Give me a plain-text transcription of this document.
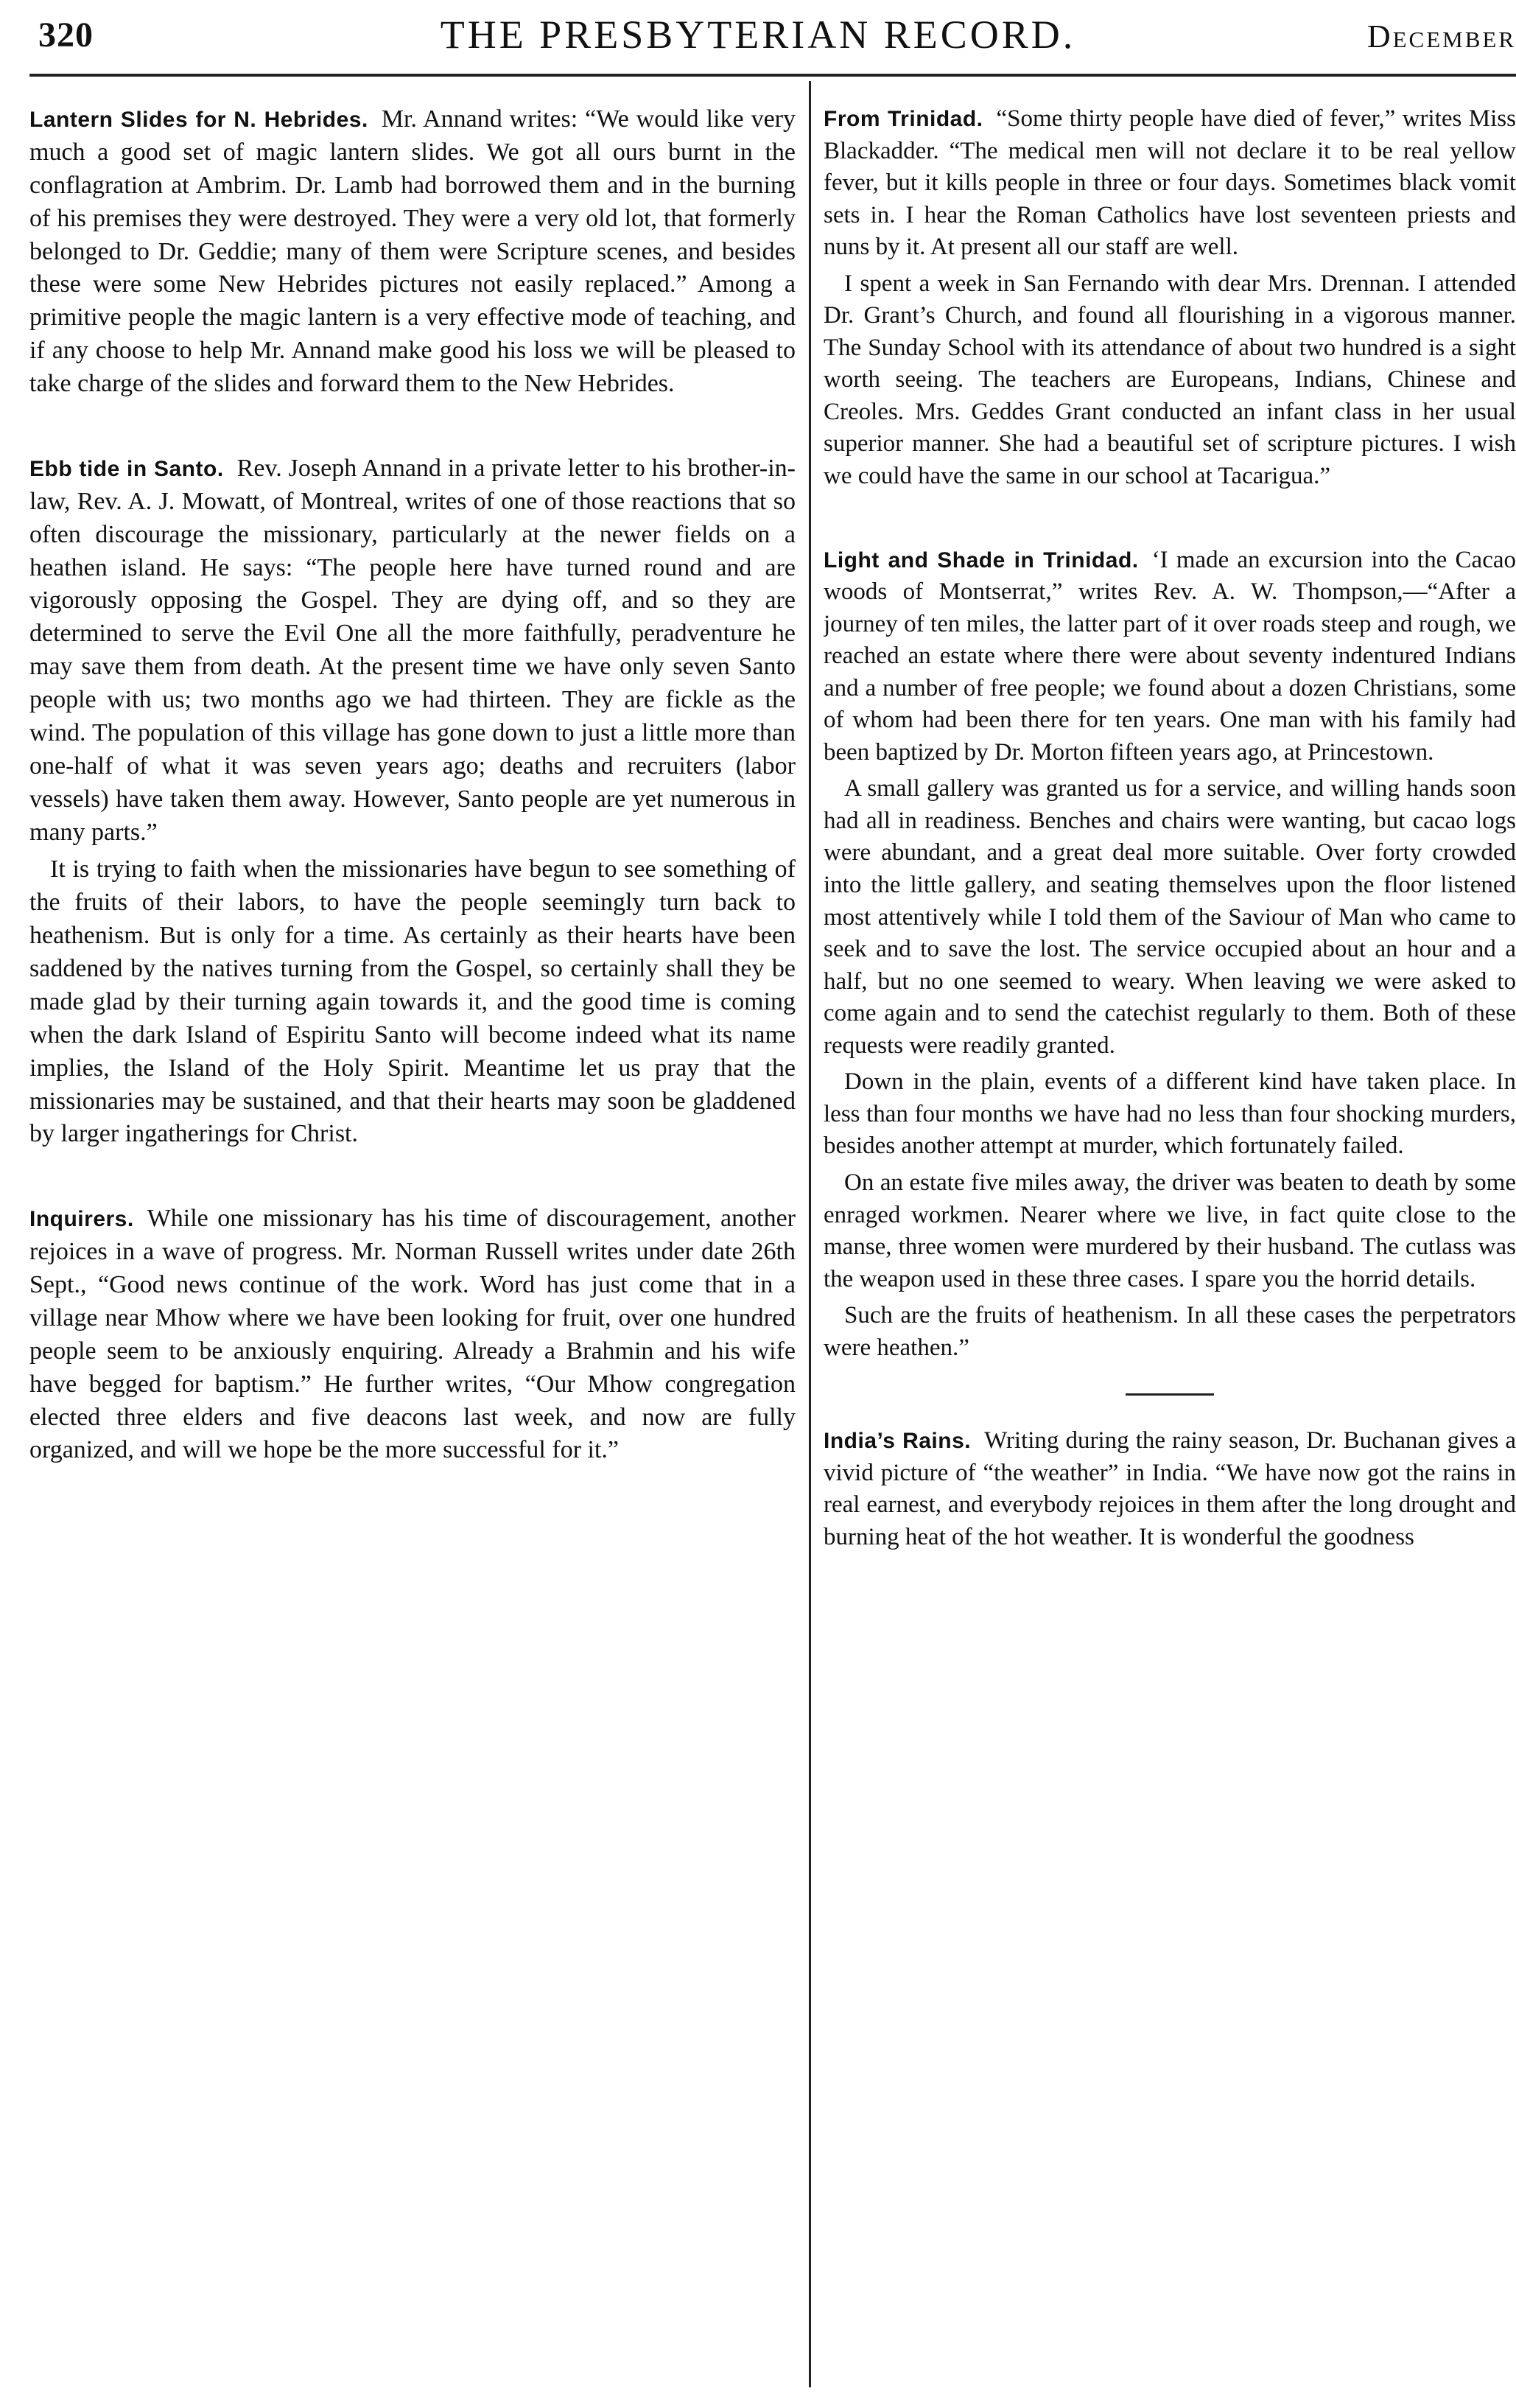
320	THE PRESBYTERIAN RECORD.	December

Lantern Slides for N. Hebrides. Mr. Annand writes: “We would like very much a good set of magic lantern slides. We got all ours burnt in the conflagration at Ambrim. Dr. Lamb had borrowed them and in the burning of his premises they were destroyed. They were a very old lot, that formerly belonged to Dr. Geddie; many of them were Scripture scenes, and besides these were some New Hebrides pictures not easily replaced.” Among a primitive people the magic lantern is a very effective mode of teaching, and if any choose to help Mr. Annand make good his loss we will be pleased to take charge of the slides and forward them to the New Hebrides.

Ebb tide in Santo. Rev. Joseph Annand in a private letter to his brother-in-law, Rev. A. J. Mowatt, of Montreal, writes of one of those reactions that so often discourage the missionary, particularly at the newer fields on a heathen island. He says: “The people here have turned round and are vigorously opposing the Gospel. They are dying off, and so they are determined to serve the Evil One all the more faithfully, peradventure he may save them from death. At the present time we have only seven Santo people with us; two months ago we had thirteen. They are fickle as the wind. The population of this village has gone down to just a little more than one-half of what it was seven years ago; deaths and recruiters (labor vessels) have taken them away. However, Santo people are yet numerous in many parts.”

It is trying to faith when the missionaries have begun to see something of the fruits of their labors, to have the people seemingly turn back to heathenism. But is only for a time. As certainly as their hearts have been saddened by the natives turning from the Gospel, so certainly shall they be made glad by their turning again towards it, and the good time is coming when the dark Island of Espiritu Santo will become indeed what its name implies, the Island of the Holy Spirit. Meantime let us pray that the missionaries may be sustained, and that their hearts may soon be gladdened by larger ingatherings for Christ.

Inquirers. While one missionary has his time of discouragement, another rejoices in a wave of progress. Mr. Norman Russell writes under date 26th Sept., “Good news continue of the work. Word has just come that in a village near Mhow where we have been looking for fruit, over one hundred people seem to be anxiously enquiring. Already a Brahmin and his wife have begged for baptism.” He further writes, “Our Mhow congregation elected three elders and five deacons last week, and now are fully organized, and will we hope be the more successful for it.”

From Trinidad. “Some thirty people have died of fever,” writes Miss Blackadder. “The medical men will not declare it to be real yellow fever, but it kills people in three or four days. Sometimes black vomit sets in. I hear the Roman Catholics have lost seventeen priests and nuns by it. At present all our staff are well.

I spent a week in San Fernando with dear Mrs. Drennan. I attended Dr. Grant’s Church, and found all flourishing in a vigorous manner. The Sunday School with its attendance of about two hundred is a sight worth seeing. The teachers are Europeans, Indians, Chinese and Creoles. Mrs. Geddes Grant conducted an infant class in her usual superior manner. She had a beautiful set of scripture pictures. I wish we could have the same in our school at Tacarigua.”

Light and Shade in Trinidad. ‘I made an excursion into the Cacao woods of Montserrat,” writes Rev. A. W. Thompson,—“After a journey of ten miles, the latter part of it over roads steep and rough, we reached an estate where there were about seventy indentured Indians and a number of free people; we found about a dozen Christians, some of whom had been there for ten years. One man with his family had been baptized by Dr. Morton fifteen years ago, at Princestown.

A small gallery was granted us for a service, and willing hands soon had all in readiness. Benches and chairs were wanting, but cacao logs were abundant, and a great deal more suitable. Over forty crowded into the little gallery, and seating themselves upon the floor listened most attentively while I told them of the Saviour of Man who came to seek and to save the lost. The service occupied about an hour and a half, but no one seemed to weary. When leaving we were asked to come again and to send the catechist regularly to them. Both of these requests were readily granted.

Down in the plain, events of a different kind have taken place. In less than four months we have had no less than four shocking murders, besides another attempt at murder, which fortunately failed.

On an estate five miles away, the driver was beaten to death by some enraged workmen. Nearer where we live, in fact quite close to the manse, three women were murdered by their husband. The cutlass was the weapon used in these three cases. I spare you the horrid details.

Such are the fruits of heathenism. In all these cases the perpetrators were heathen.”

India’s Rains. Writing during the rainy season, Dr. Buchanan gives a vivid picture of “the weather” in India. “We have now got the rains in real earnest, and everybody rejoices in them after the long drought and burning heat of the hot weather. It is wonderful the goodness
